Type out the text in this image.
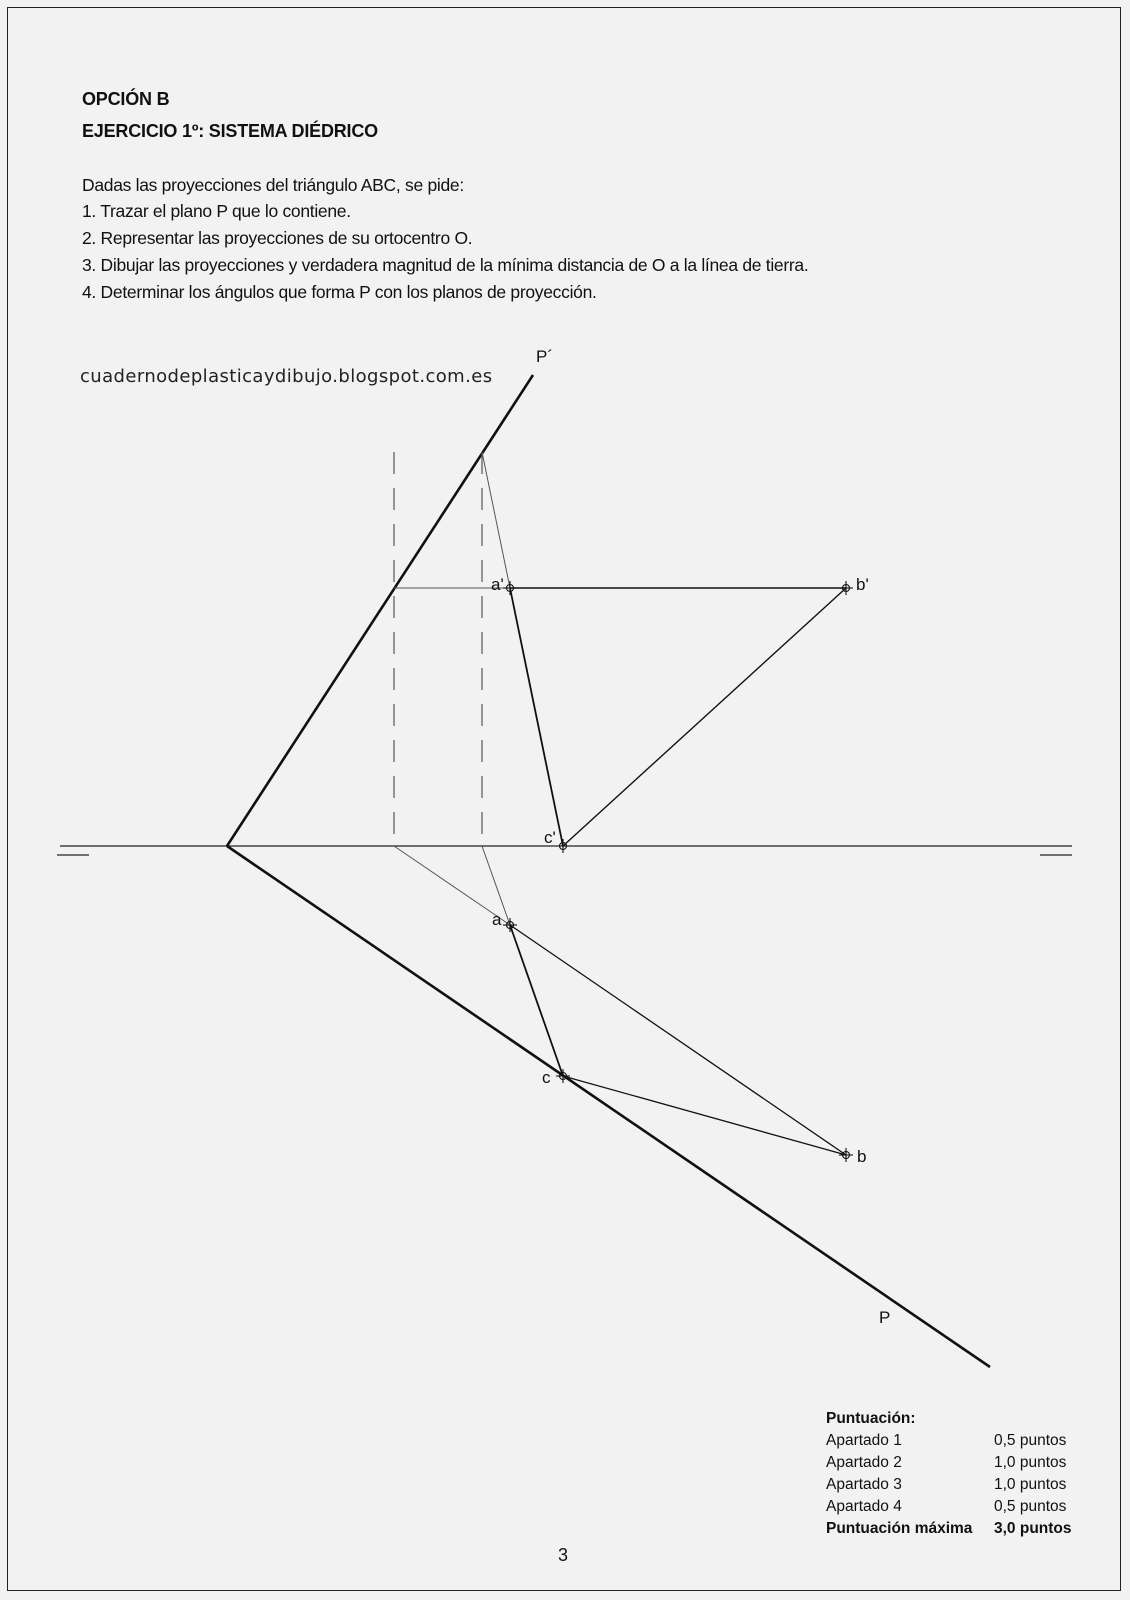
OPCIÓN B
EJERCICIO 1º: SISTEMA DIÉDRICO
Dadas las proyecciones del triángulo ABC, se pide:
1. Trazar el plano P que lo contiene.
2. Representar las proyecciones de su ortocentro O.
3. Dibujar las proyecciones y verdadera magnitud de la mínima distancia de O a la línea de tierra.
4. Determinar los ángulos que forma P con los planos de proyección.
cuadernodeplasticaydibujo.blogspot.com.es
P´
P
a'	b'
c'
a
b
c
Puntuación:
Apartado 1	0,5 puntos
Apartado 2	1,0 puntos
Apartado 3	1,0 puntos
Apartado 4	0,5 puntos
Puntuación máxima 3,0 puntos
3
